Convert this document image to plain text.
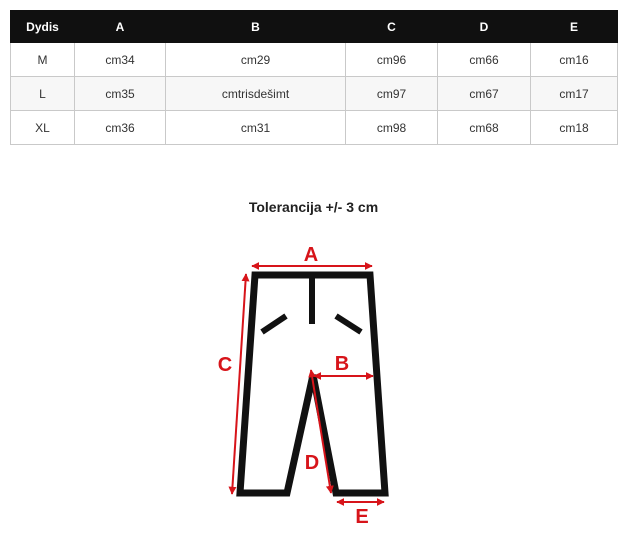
Dydis	A	B	C	D	E
M	cm34	cm29	cm96	cm66	cm16
L	cm35	cmtrisdešimt	cm97	cm67	cm17
XL	cm36	cm31	cm98	cm68	cm18
Tolerancija +/- 3 cm
A
B
C
D
E
